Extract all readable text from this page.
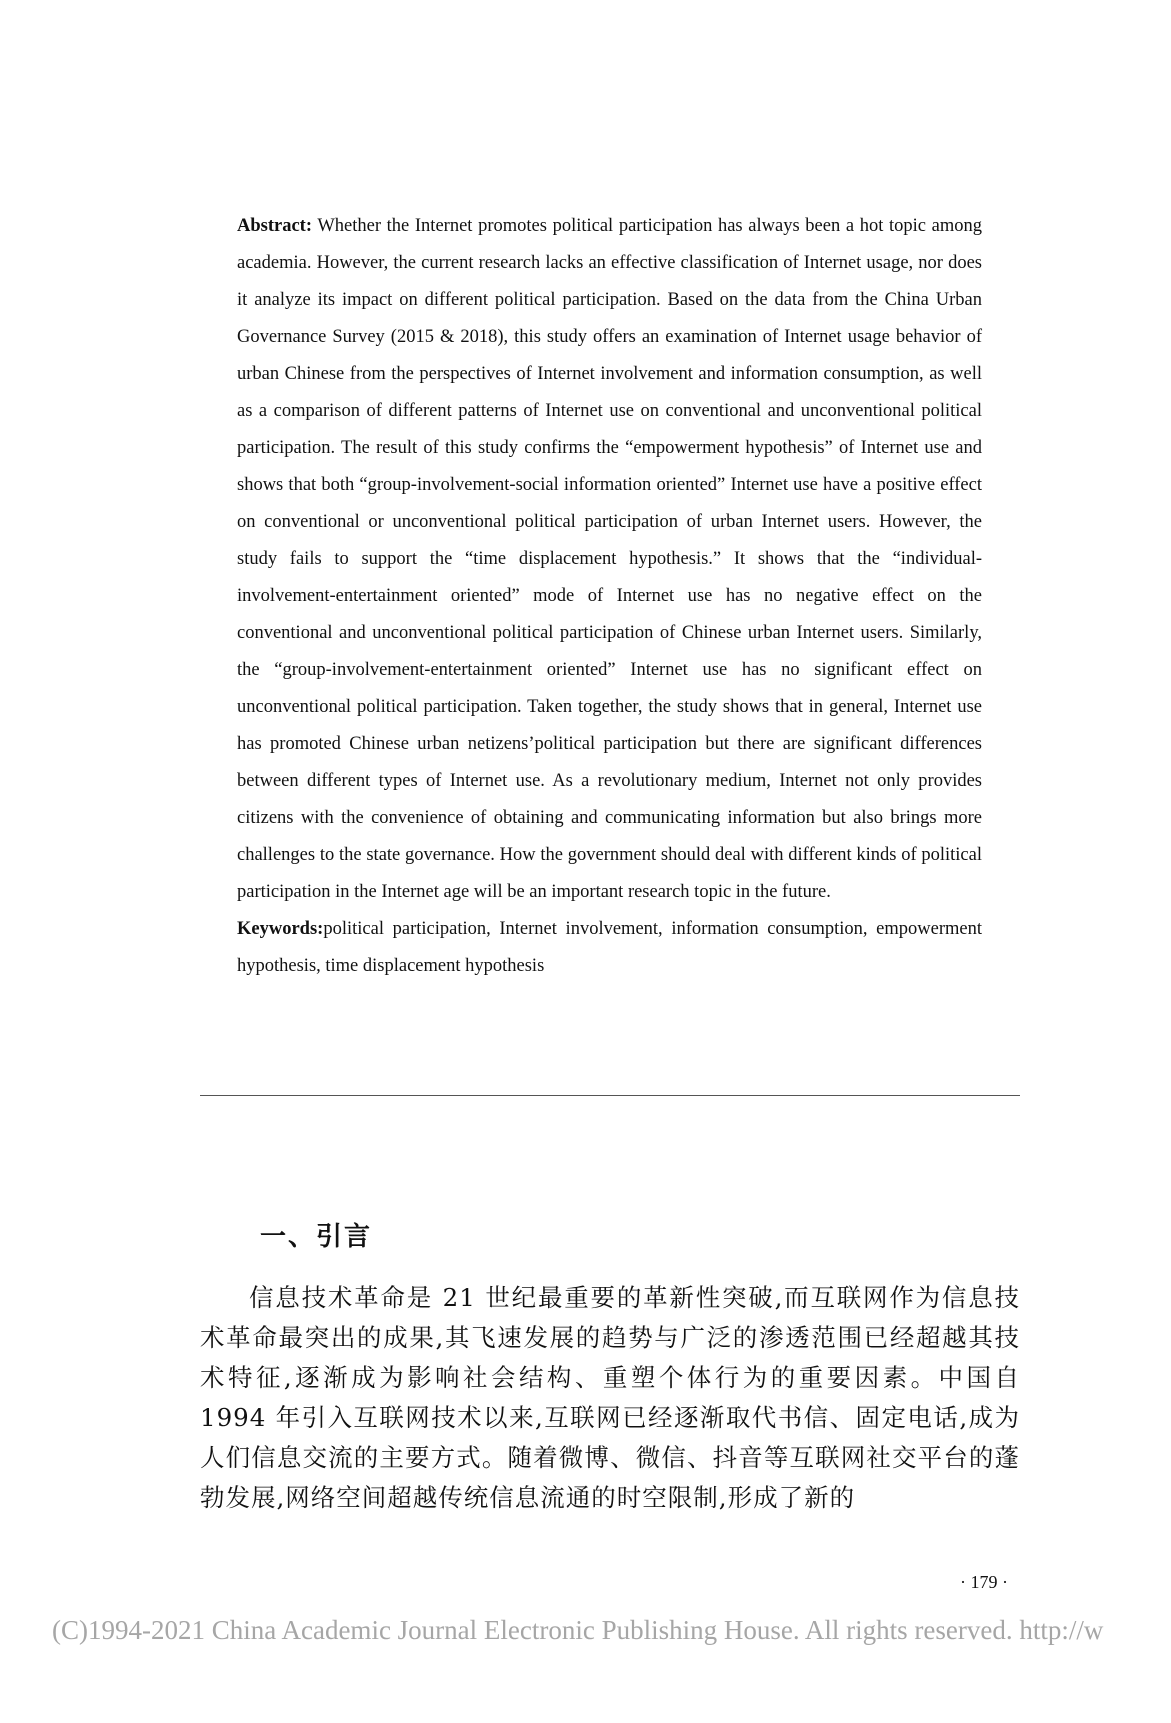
Abstract: Whether the Internet promotes political participation has always been a hot topic among academia. However, the current research lacks an effective classification of Internet usage, nor does it analyze its impact on different political participation. Based on the data from the China Urban Governance Survey (2015 & 2018), this study offers an examination of Internet usage behavior of urban Chinese from the perspectives of Internet involvement and information consumption, as well as a comparison of different patterns of Internet use on conventional and unconventional political participation. The result of this study confirms the “empowerment hypothesis” of Internet use and shows that both “group-involvement-social information oriented” Internet use have a positive effect on conventional or unconventional political participation of urban Internet users. However, the study fails to support the “time displacement hypothesis.” It shows that the “individual-involvement-entertainment oriented” mode of Internet use has no negative effect on the conventional and unconventional political participation of Chinese urban Internet users. Similarly, the “group-involvement-entertainment oriented” Internet use has no significant effect on unconventional political participation. Taken together, the study shows that in general, Internet use has promoted Chinese urban netizens’political participation but there are significant differences between different types of Internet use. As a revolutionary medium, Internet not only provides citizens with the convenience of obtaining and communicating information but also brings more challenges to the state governance. How the government should deal with different kinds of political participation in the Internet age will be an important research topic in the future.

Keywords:political participation, Internet involvement, information consumption, empowerment hypothesis, time displacement hypothesis

一、引言

信息技术革命是 21 世纪最重要的革新性突破,而互联网作为信息技术革命最突出的成果,其飞速发展的趋势与广泛的渗透范围已经超越其技术特征,逐渐成为影响社会结构、重塑个体行为的重要因素。中国自 1994 年引入互联网技术以来,互联网已经逐渐取代书信、固定电话,成为人们信息交流的主要方式。随着微博、微信、抖音等互联网社交平台的蓬勃发展,网络空间超越传统信息流通的时空限制,形成了新的

· 179 ·
(C)1994-2021 China Academic Journal Electronic Publishing House. All rights reserved. http://w
